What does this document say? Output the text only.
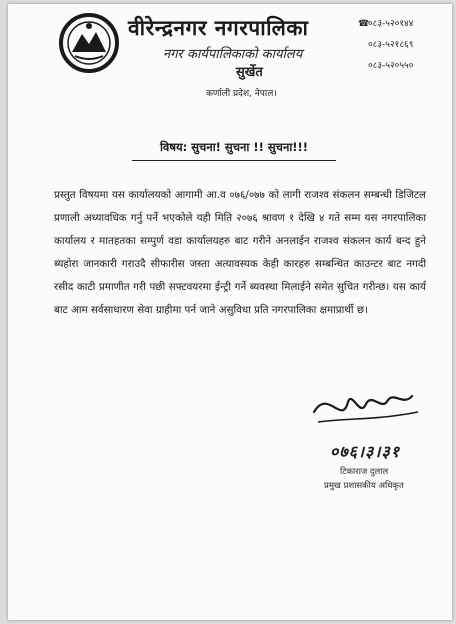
वीरेन्द्रनगर नगरपालिका
नगर कार्यपालिकाको कार्यालय
सुर्खेत
कर्णाली प्रदेश, नेपाल।
☎०८३-५२०१४४
०८३-५२१८६९
०८३-५२०५५०
विषय: सुचना! सुचना !! सुचना!!!
प्रस्तुत विषयमा यस कार्यालयको आगामी आ.व ०७६/०७७ को लागी राजश्व संकलन सम्बन्धी डिजिटल प्रणाली अध्यावधिक गर्नु पर्ने भएकोले यही मिति २०७६ श्रावण १ देखि ४ गते सम्म यस नगरपालिका कार्यालय र मातहतका सम्पुर्ण वडा कार्यालयहरु बाट गरीने अनलाईन राजश्व संकलन कार्य बन्द हुने ब्यहोरा जानकारी गराउदै सीफारीस जस्ता अत्यावस्यक केही कारहरु सम्बन्धित काउन्टर बाट नगदी रसीद काटी प्रमाणीत गरी पछी सफ्टवयरमा ईन्ट्री गर्ने ब्यवस्था मिलाईने समेत सुचित गरीन्छ। यस कार्य बाट आम सर्वसाधारण सेवा ग्राहीमा पर्न जाने असुविधा प्रति नगरपालिका क्षमाप्रार्थी छ।
०७६।३।३१
टिकाराज दुलाल
प्रमुख प्रशासकीय अधिकृत
